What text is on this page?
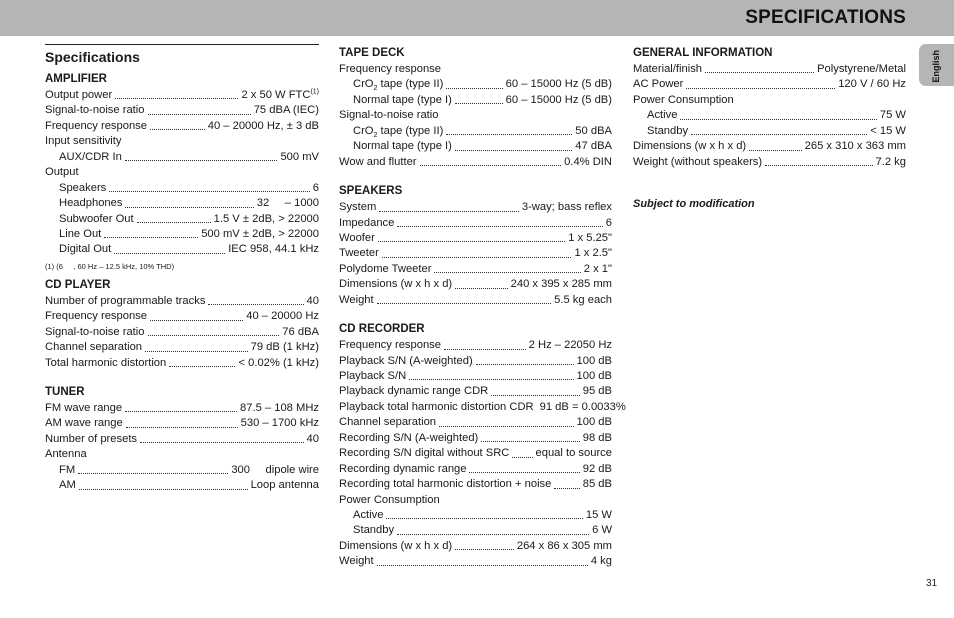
SPECIFICATIONS
English
31
Specifications
AMPLIFIER
Output power	2 x 50 W FTC$^{(1)}$
Signal-to-noise ratio	75 dBA (IEC)
Frequency response	40 – 20000 Hz, ± 3 dB
Input sensitivity
AUX/CDR In	500 mV
Output
Speakers	6
Headphones	32     – 1000
Subwoofer Out	1.5 V ± 2dB, > 22000
Line Out	500 mV ± 2dB, > 22000
Digital Out	IEC 958, 44.1 kHz
(1) (6     , 60 Hz – 12.5 kHz, 10% THD)
CD PLAYER
Number of programmable tracks	40
Frequency response	40 – 20000 Hz
Signal-to-noise ratio	76 dBA
Channel separation	79 dB (1 kHz)
Total harmonic distortion	< 0.02% (1 kHz)
TUNER
FM wave range	87.5 – 108 MHz
AM wave range	530 – 1700 kHz
Number of presets	40
Antenna
FM	300     dipole wire
AM	Loop antenna
TAPE DECK
Frequency response
CrO$_2$ tape (type II)	60 – 15000 Hz (5 dB)
Normal tape (type I)	60 – 15000 Hz (5 dB)
Signal-to-noise ratio
CrO$_2$ tape (type II)	50 dBA
Normal tape (type I)	47 dBA
Wow and flutter	0.4% DIN
SPEAKERS
System	3-way; bass reflex
Impedance	6
Woofer	1 x 5.25"
Tweeter	1 x 2.5"
Polydome Tweeter	2 x 1"
Dimensions (w x h x d)	240 x 395 x 285 mm
Weight	5.5 kg each
CD RECORDER
Frequency response	2 Hz – 22050 Hz
Playback S/N (A-weighted)	100 dB
Playback S/N	100 dB
Playback dynamic range CDR	95 dB
Playback total harmonic distortion CDR 91 dB = 0.0033%
Channel separation	100 dB
Recording S/N (A-weighted)	98 dB
Recording S/N digital without SRC equal to source
Recording dynamic range	92 dB
Recording total harmonic distortion + noise	85 dB
Power Consumption
Active	15 W
Standby	6 W
Dimensions (w x h x d)	264 x 86 x 305 mm
Weight	4 kg
GENERAL INFORMATION
Material/finish	Polystyrene/Metal
AC Power	120 V / 60 Hz
Power Consumption
Active	75 W
Standby	< 15 W
Dimensions (w x h x d)	265 x 310 x 363 mm
Weight (without speakers)	7.2 kg
Subject to modification
